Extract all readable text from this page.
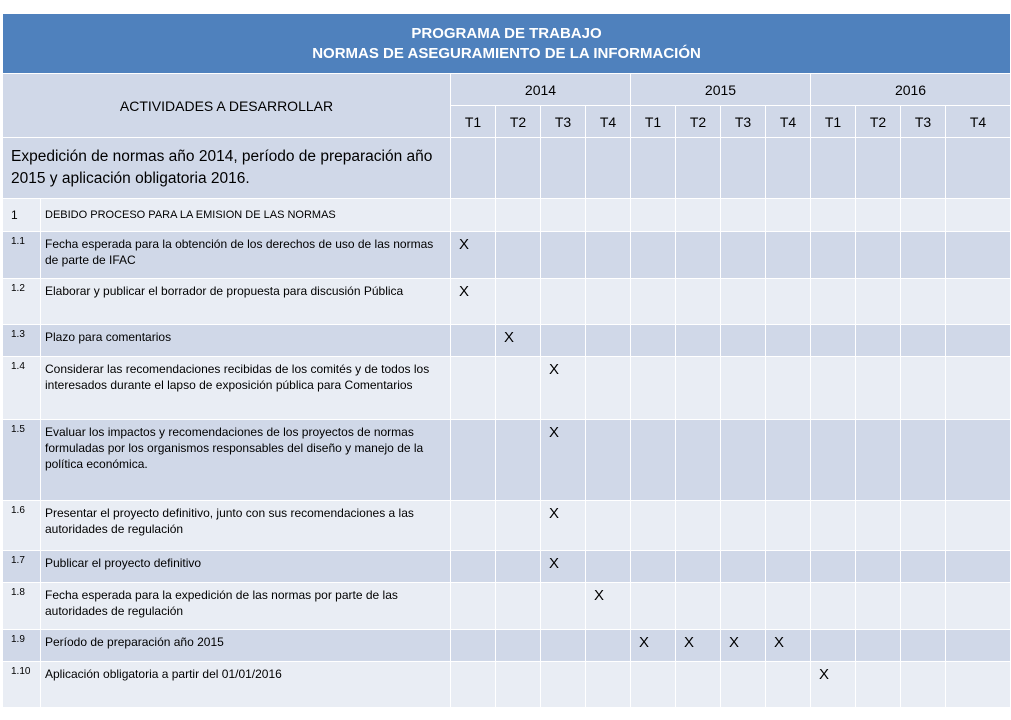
PROGRAMA DE TRABAJO
NORMAS DE ASEGURAMIENTO DE LA INFORMACIÓN													

ACTIVIDADES A DESARROLLAR		2014				2015				2016			
		T1	T2	T3	T4	T1	T2	T3	T4	T1	T2	T3	T4
Expedición de normas año 2014, período de preparación año 2015 y aplicación obligatoria 2016.													
1	DEBIDO PROCESO PARA LA EMISION DE LAS NORMAS												
1.1	Fecha esperada para la obtención de los derechos de uso de las normas de parte de IFAC	X											
1.2	Elaborar y publicar el borrador de propuesta para discusión Pública	X											
1.3	Plazo para comentarios		X										
1.4	Considerar las recomendaciones recibidas de los comités y de todos los interesados durante el lapso de exposición pública para Comentarios			X									
1.5	Evaluar los impactos y recomendaciones de los proyectos de normas formuladas por los organismos responsables del diseño y manejo de la política económica.			X									
1.6	Presentar el proyecto definitivo, junto con sus recomendaciones a las autoridades de regulación			X									
1.7	Publicar el proyecto definitivo			X									
1.8	Fecha esperada para la expedición de las normas por parte de las autoridades de regulación				X								
1.9	Período de preparación año 2015					X	X	X	X				
1.10	Aplicación obligatoria a partir del 01/01/2016									X			
